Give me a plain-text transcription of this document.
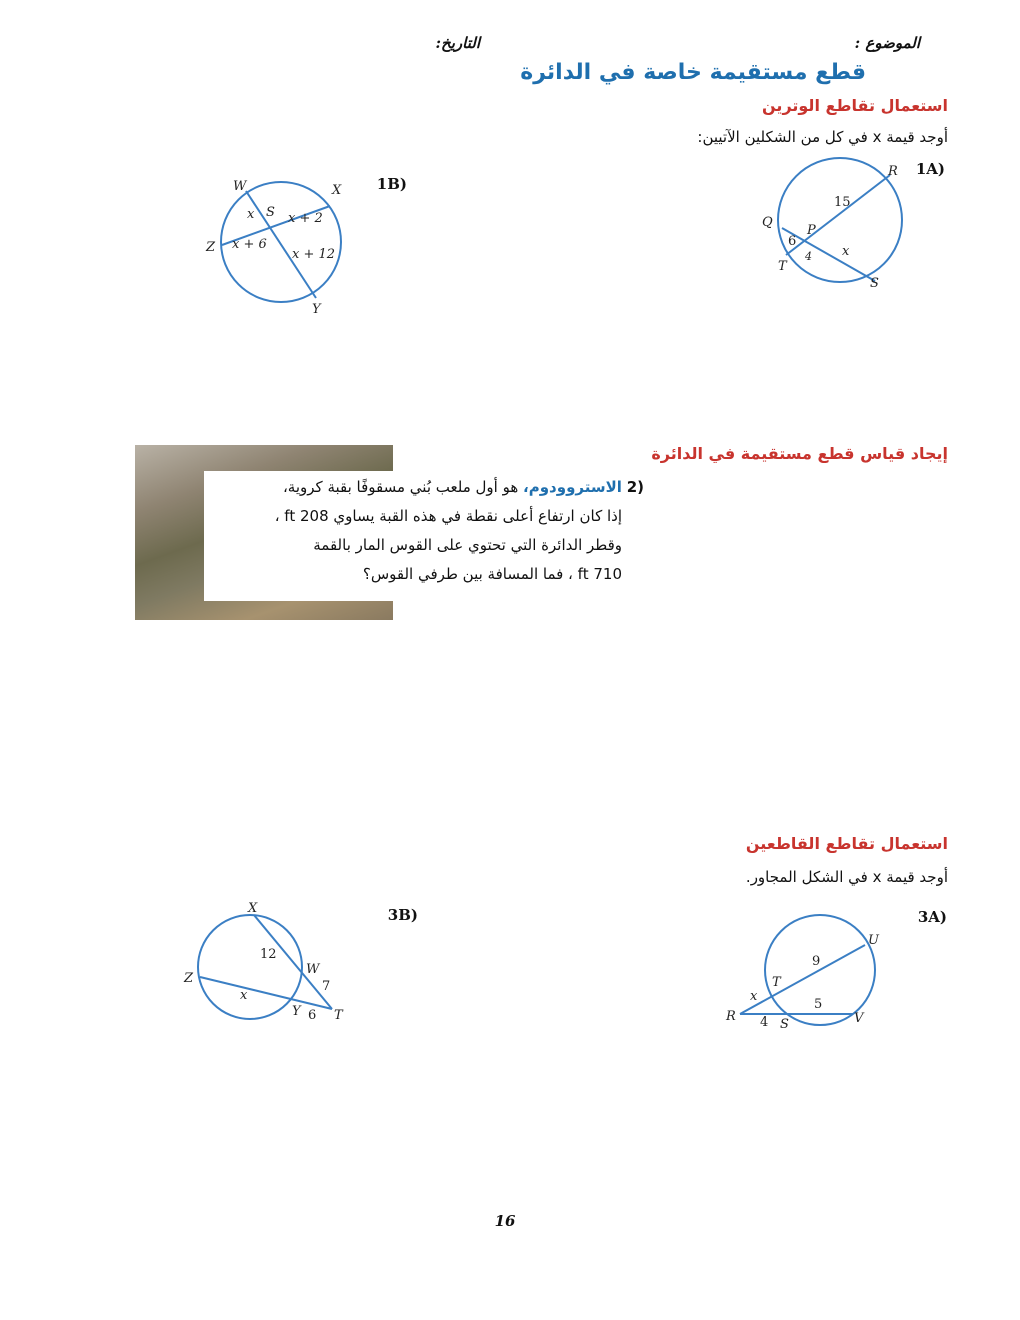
الموضوع :
التاريخ:
قطع مستقيمة خاصة في الدائرة
استعمال تقاطع الوترين
أوجد قيمة x في كل من الشكلين الآتيين:
(1A
(1B
R
Q
P
T
S
15
6
4 x
W	X
S
Z
Y
x	x + 2
x + 6
x + 12
إيجاد قياس قطع مستقيمة في الدائرة
(2 الاستروودوم، هو أول ملعب بُني مسقوفًا بقبة كروية،
إذا كان ارتفاع أعلى نقطة في هذه القبة يساوي 208 ft ،
وقطر الدائرة التي تحتوي على القوس المار بالقمة
710 ft ، فما المسافة بين طرفي القوس؟
استعمال تقاطع القاطعين
أوجد قيمة x في الشكل المجاور.
(3A
(3B
U
T
R
S	V
9
x
5
4
X
W
Z
Y	T
12
7
x
6
16
